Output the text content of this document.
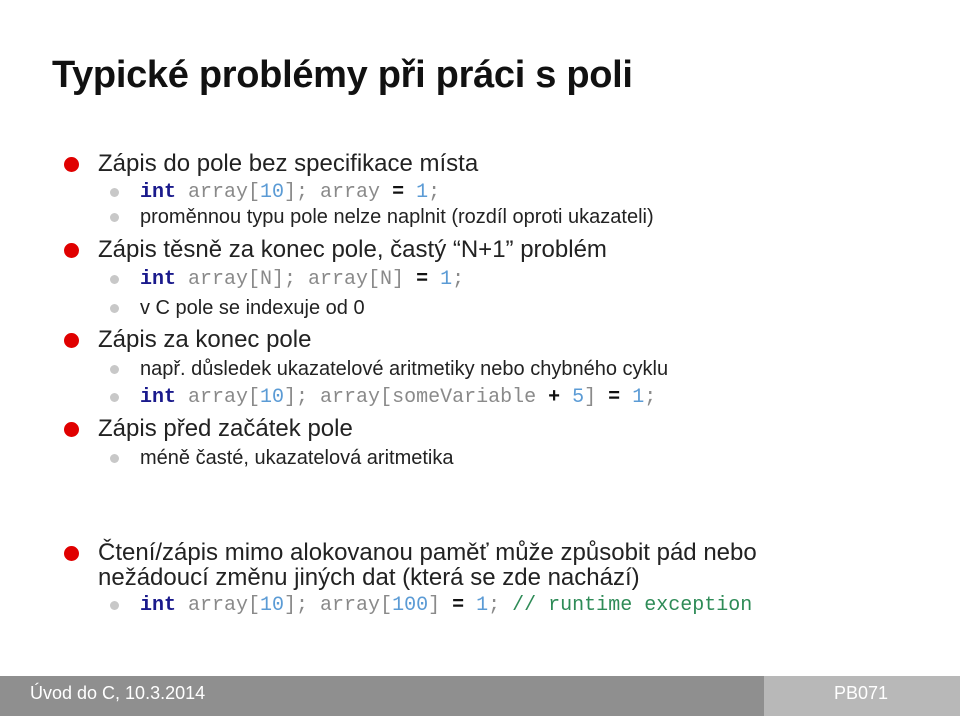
Typické problémy při práci s poli
Zápis do pole bez specifikace místa
int array[10]; array = 1;
proměnnou typu pole nelze naplnit (rozdíl oproti ukazateli)
Zápis těsně za konec pole, častý “N+1” problém
int array[N]; array[N] = 1;
v C pole se indexuje od 0
Zápis za konec pole
např. důsledek ukazatelové aritmetiky nebo chybného cyklu
int array[10]; array[someVariable + 5] = 1;
Zápis před začátek pole
méně časté, ukazatelová aritmetika
Čtení/zápis mimo alokovanou paměť může způsobit pád nebo
nežádoucí změnu jiných dat (která se zde nachází)
int array[10]; array[100] = 1; // runtime exception
Úvod do C, 10.3.2014	PB071
